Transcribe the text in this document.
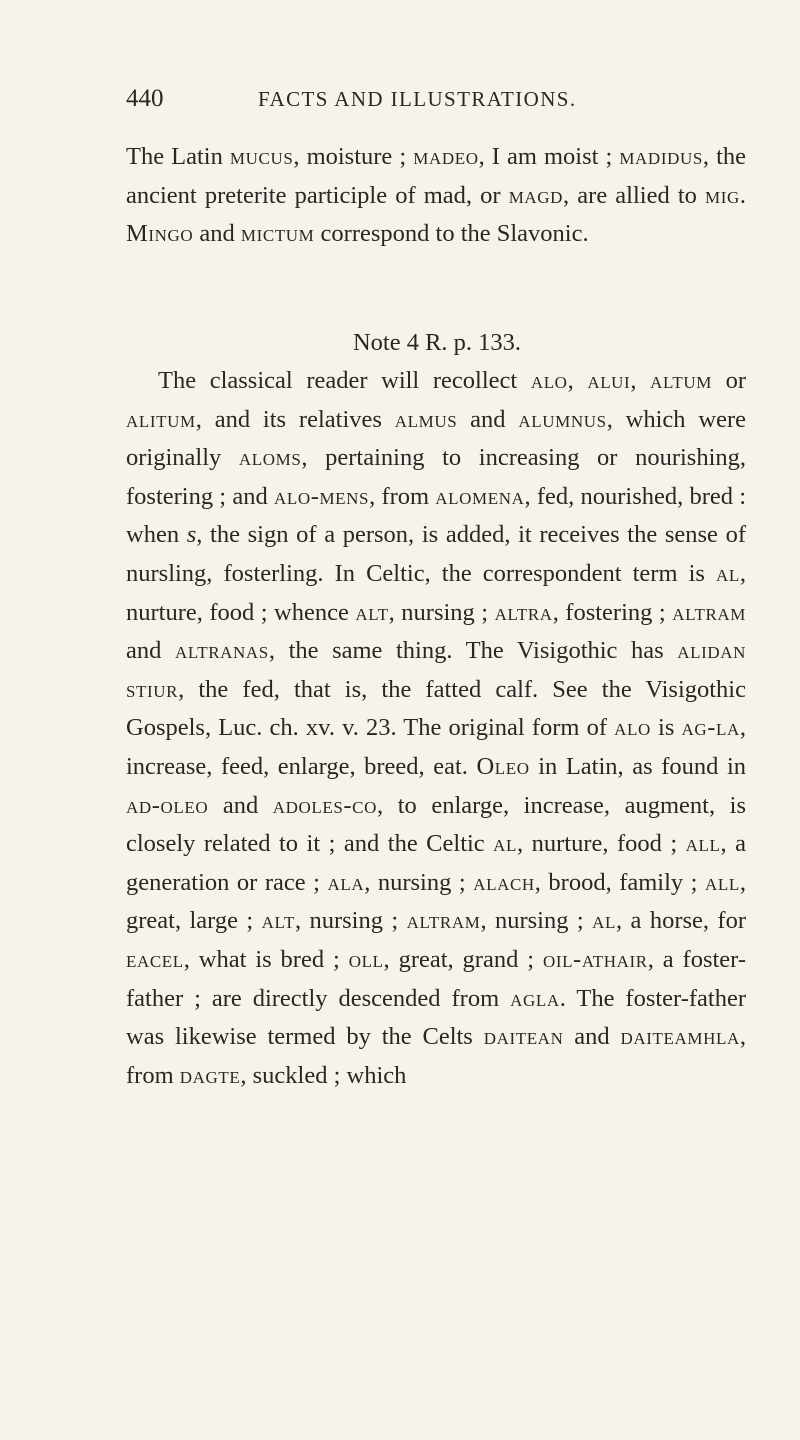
440	FACTS AND ILLUSTRATIONS.

The Latin mucus, moisture ; madeo, I am moist ; madidus, the ancient preterite participle of mad, or magd, are allied to mig. Mingo and mictum correspond to the Slavonic.

Note 4 R. p. 133.

The classical reader will recollect alo, alui, altum or alitum, and its relatives almus and alumnus, which were originally aloms, pertaining to increasing or nourishing, fostering ; and alo-mens, from alomena, fed, nourished, bred : when s, the sign of a person, is added, it receives the sense of nursling, fosterling. In Celtic, the correspondent term is al, nurture, food ; whence alt, nursing ; altra, fostering ; altram and altranas, the same thing. The Visigothic has alidan stiur, the fed, that is, the fatted calf. See the Visigothic Gospels, Luc. ch. xv. v. 23. The original form of alo is ag-la, increase, feed, enlarge, breed, eat. Oleo in Latin, as found in ad-oleo and adoles-co, to enlarge, increase, augment, is closely related to it ; and the Celtic al, nurture, food ; all, a generation or race ; ala, nursing ; alach, brood, family ; all, great, large ; alt, nursing ; altram, nursing ; al, a horse, for eacel, what is bred ; oll, great, grand ; oil-athair, a foster-father ; are directly descended from agla. The foster-father was likewise termed by the Celts daitean and daiteamhla, from dagte, suckled ; which
